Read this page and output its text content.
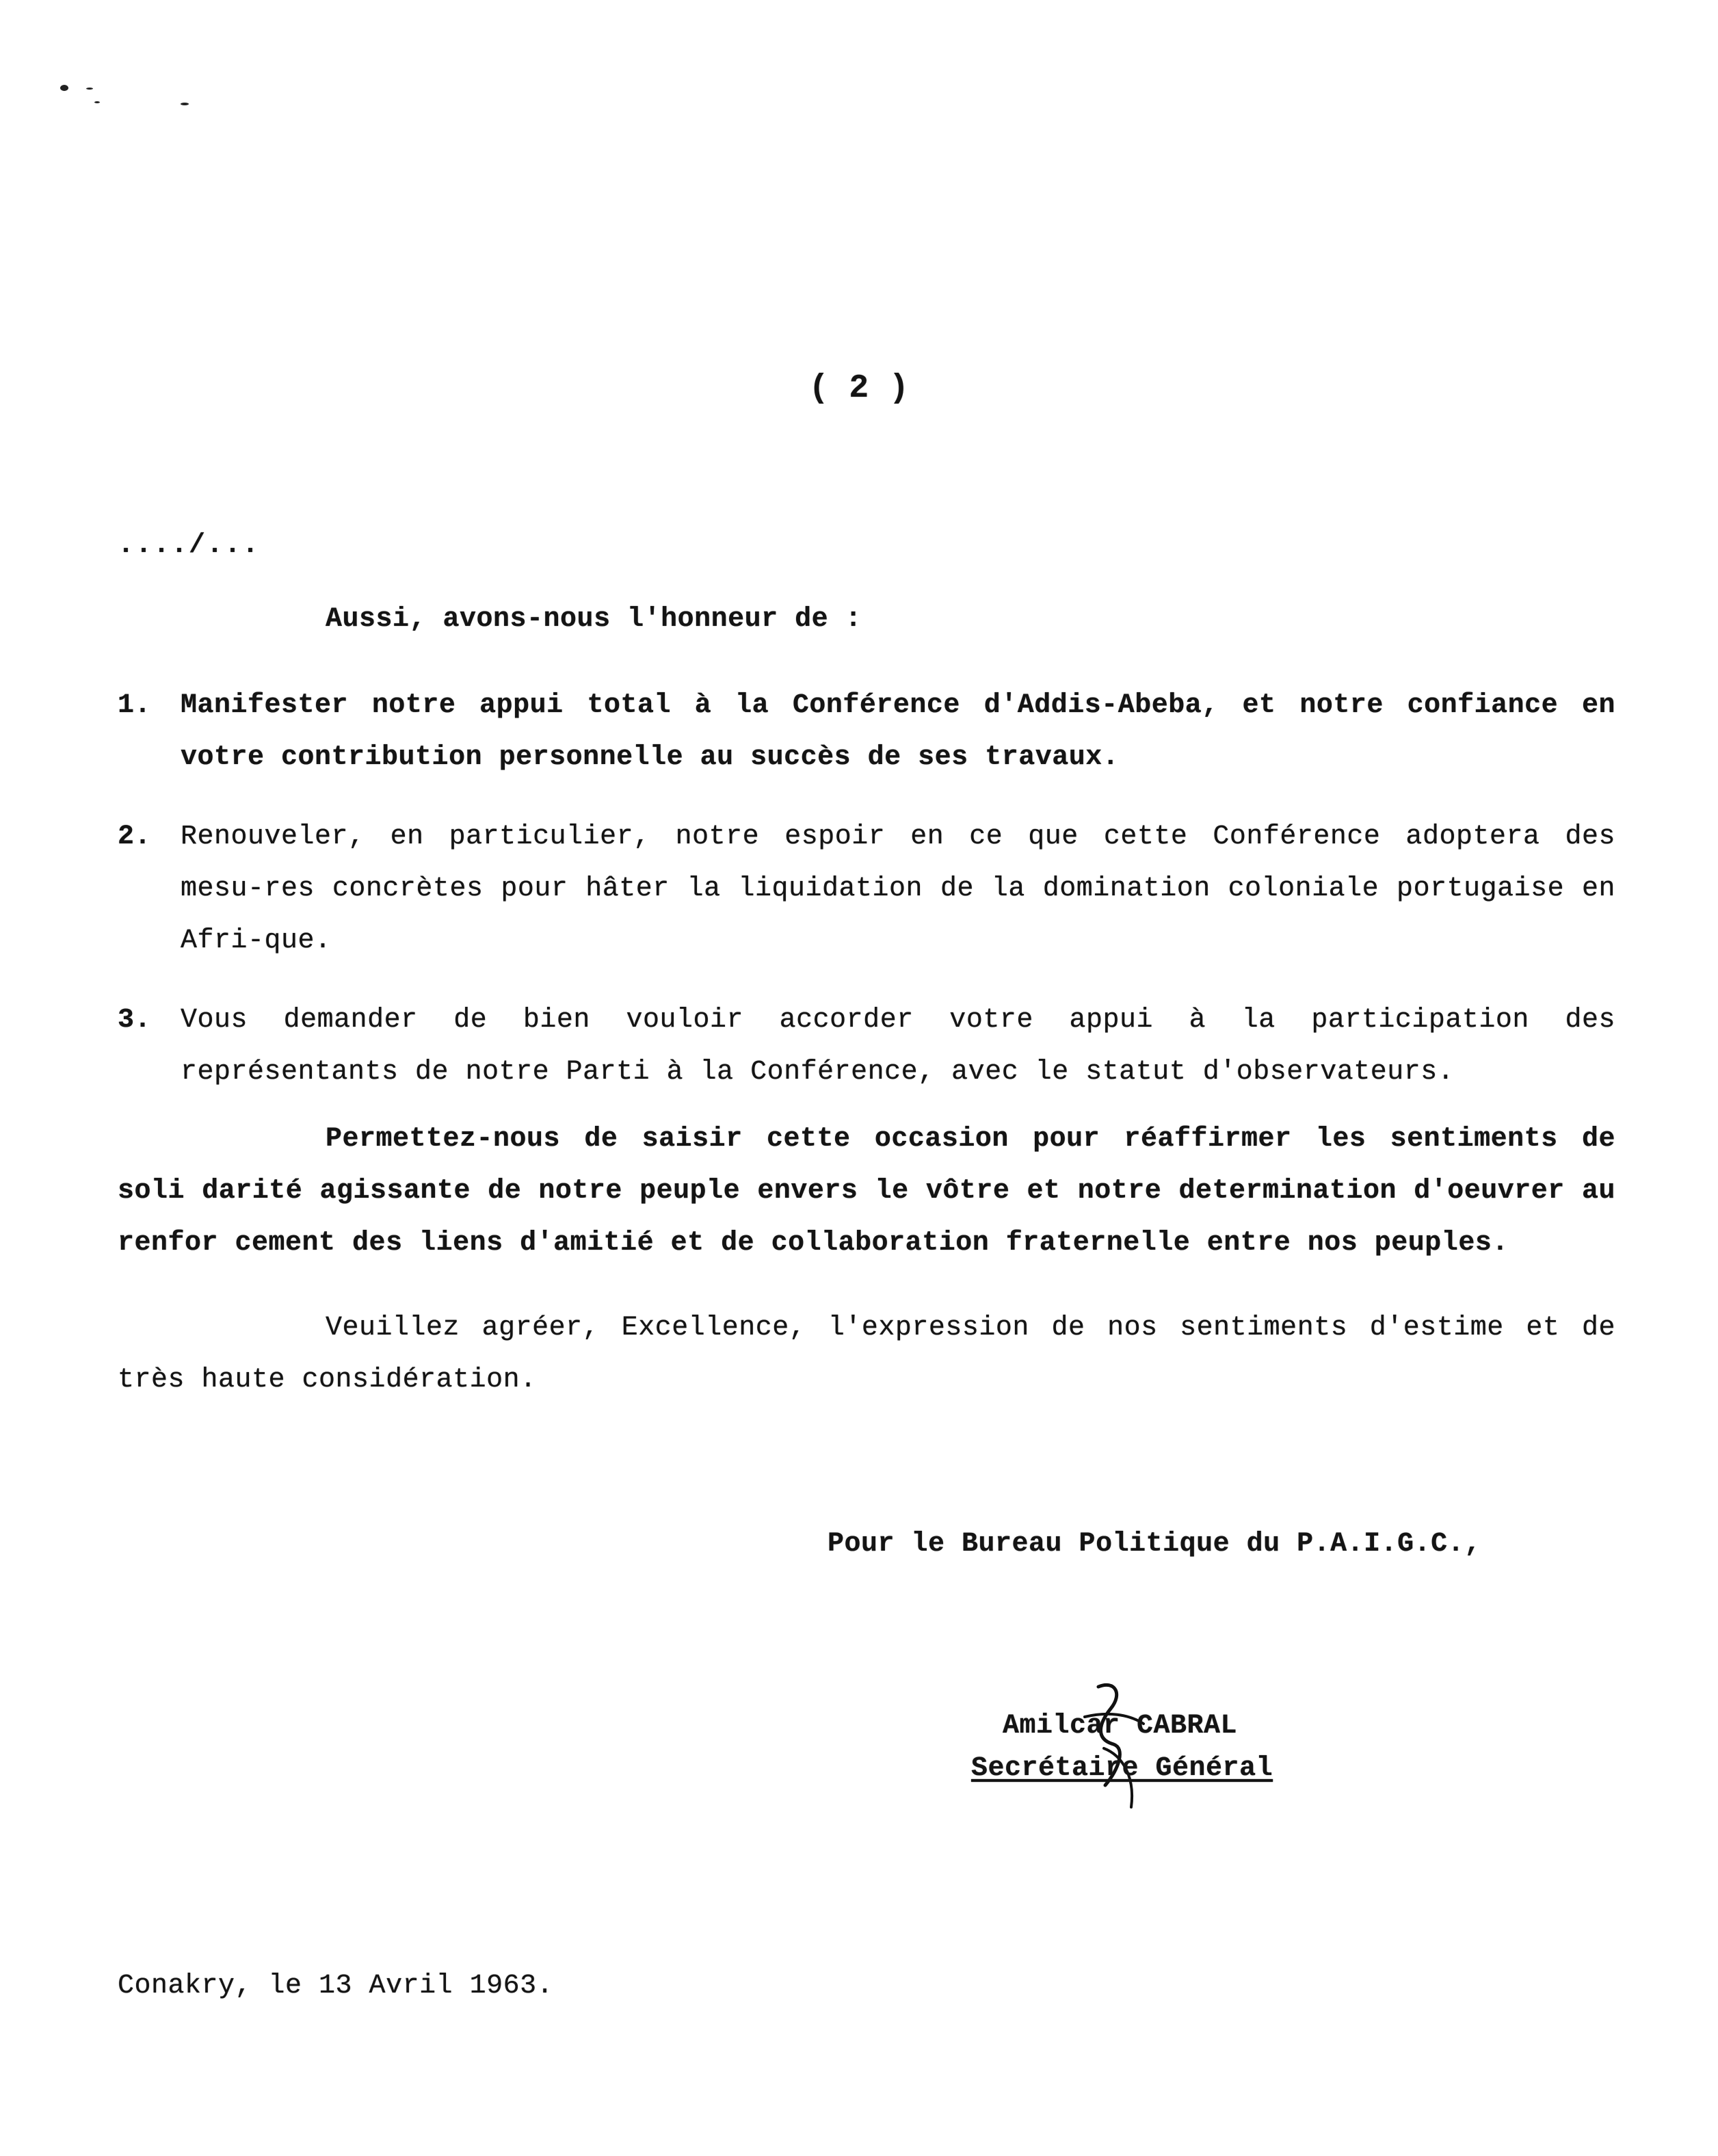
( 2 )
..../...

Aussi, avons-nous l'honneur de :

1. Manifester notre appui total à la Conférence d'Addis-Abeba, et notre confiance en votre contribution personnelle au succès de ses travaux.
2. Renouveler, en particulier, notre espoir en ce que cette Conférence adoptera des mesu-res concrètes pour hâter la liquidation de la domination coloniale portugaise en Afri-que.
3. Vous demander de bien vouloir accorder votre appui à la participation des représentants de notre Parti à la Conférence, avec le statut d'observateurs.

Permettez-nous de saisir cette occasion pour réaffirmer les sentiments de soli darité agissante de notre peuple envers le vôtre et notre determination d'oeuvrer au renfor cement des liens d'amitié et de collaboration fraternelle entre nos peuples.

Veuillez agréer, Excellence, l'expression de nos sentiments d'estime et de très haute considération.

Pour le Bureau Politique du P.A.I.G.C.,

Amilcar CABRAL

Secrétaire Général

Conakry, le 13 Avril 1963.
